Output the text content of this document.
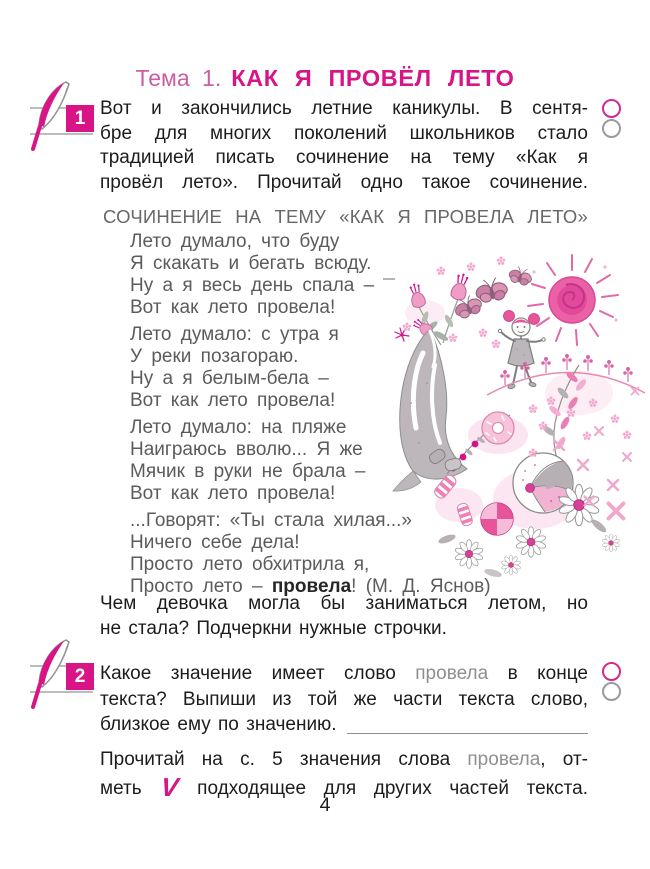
Тема 1. КАК Я ПРОВЁЛ ЛЕТО
1 Вот и закончились летние каникулы. В сентя-
бре для многих поколений школьников стало
традицией писать сочинение на тему «Как я
провёл лето». Прочитай одно такое сочинение.
СОЧИНЕНИЕ НА ТЕМУ «КАК Я ПРОВЕЛА ЛЕТО»
Лето думало, что буду
Я скакать и бегать всюду.
Ну а я весь день спала –
Вот как лето провела!
Лето думало: с утра я
У реки позагораю.
Ну а я белым-бела –
Вот как лето провела!
Лето думало: на пляже
Наиграюсь вволю... Я же
Мячик в руки не брала –
Вот как лето провела!
...Говорят: «Ты стала хилая...»
Ничего себе дела!
Просто лето обхитрила я,
Просто лето – провела! (М. Д. Яснов)
Чем девочка могла бы заниматься летом, но
не стала? Подчеркни нужные строчки.
2 Какое значение имеет слово провела в конце
текста? Выпиши из той же части текста слово,
близкое ему по значению.
Прочитай на с. 5 значения слова провела, от-
меть V подходящее для других частей текста.
4
